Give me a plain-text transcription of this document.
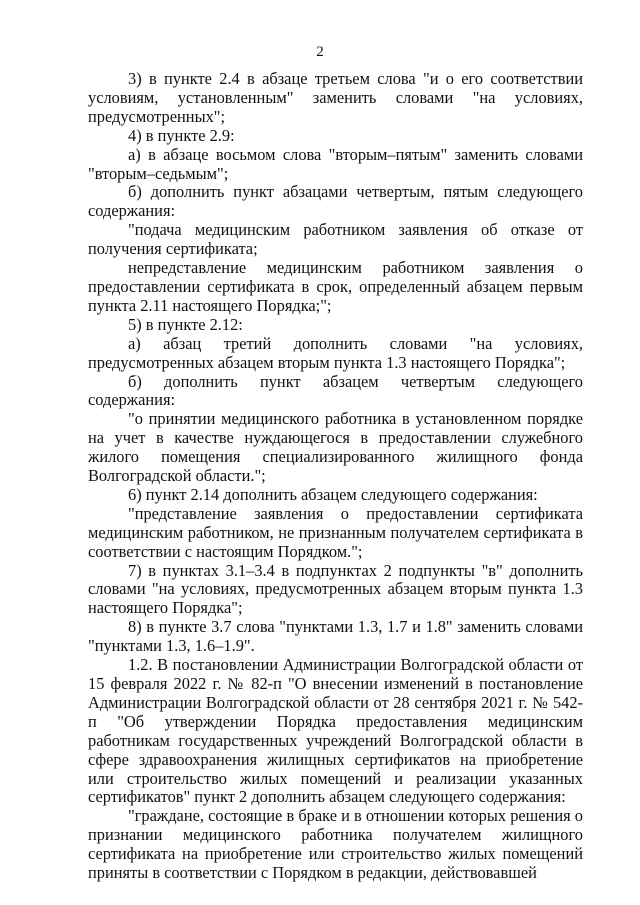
2

3) в пункте 2.4 в абзаце третьем слова "и о его соответствии условиям, установленным" заменить словами "на условиях, предусмотренных";

4) в пункте 2.9:

а) в абзаце восьмом слова "вторым–пятым" заменить словами "вторым–седьмым";

б) дополнить пункт абзацами четвертым, пятым следующего содержания:

"подача медицинским работником заявления об отказе от получения сертификата;

непредставление медицинским работником заявления о предоставлении сертификата в срок, определенный абзацем первым пункта 2.11 настоящего Порядка;";

5) в пункте 2.12:

а) абзац третий дополнить словами "на условиях, предусмотренных абзацем вторым пункта 1.3 настоящего Порядка";

б) дополнить пункт абзацем четвертым следующего содержания:

"о принятии медицинского работника в установленном порядке на учет в качестве нуждающегося в предоставлении служебного жилого помещения специализированного жилищного фонда Волгоградской области.";

6) пункт 2.14 дополнить абзацем следующего содержания:

"представление заявления о предоставлении сертификата медицинским работником, не признанным получателем сертификата в соответствии с настоящим Порядком.";

7) в пунктах 3.1–3.4 в подпунктах 2 подпункты "в" дополнить словами "на условиях, предусмотренных абзацем вторым пункта 1.3 настоящего Порядка";

8) в пункте 3.7 слова "пунктами 1.3, 1.7 и 1.8" заменить словами "пунктами 1.3, 1.6–1.9".

1.2. В постановлении Администрации Волгоградской области от 15 февраля 2022 г. № 82-п "О внесении изменений в постановление Администрации Волгоградской области от 28 сентября 2021 г. № 542-п "Об утверждении Порядка предоставления медицинским работникам государственных учреждений Волгоградской области в сфере здравоохранения жилищных сертификатов на приобретение или строительство жилых помещений и реализации указанных сертификатов" пункт 2 дополнить абзацем следующего содержания:

"граждане, состоящие в браке и в отношении которых решения о признании медицинского работника получателем жилищного сертификата на приобретение или строительство жилых помещений приняты в соответствии с Порядком в редакции, действовавшей
